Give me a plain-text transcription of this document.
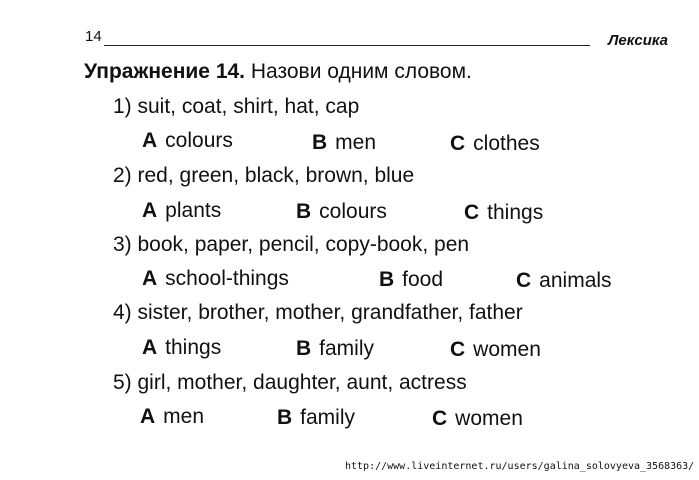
14	Лексика
Упражнение 14. Назови одним словом.
1) suit, coat, shirt, hat, cap
A colours	B men	C clothes
2) red, green, black, brown, blue
A plants	B colours	C things
3) book, paper, pencil, copy-book, pen
A school-things	B food	C animals
4) sister, brother, mother, grandfather, father
A things	B family	C women
5) girl, mother, daughter, aunt, actress
A men	B family	C women
http://www.liveinternet.ru/users/galina_solovyeva_3568363/
